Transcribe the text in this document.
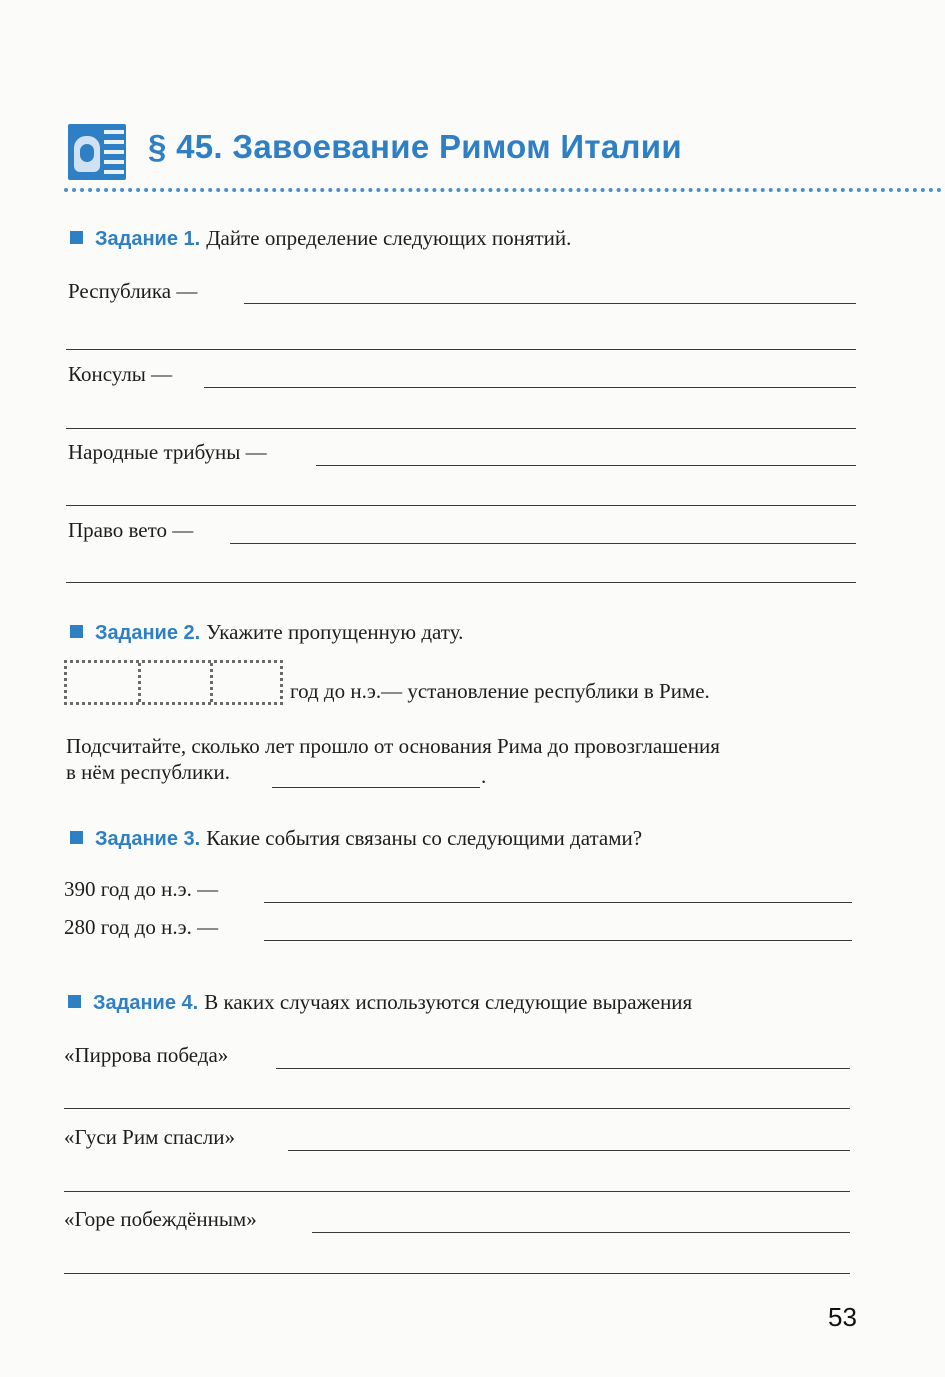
§ 45. Завоевание Римом Италии
Задание 1. Дайте определение следующих понятий.
Республика —
Консулы —
Народные трибуны —
Право вето —
Задание 2. Укажите пропущенную дату.
год до н.э.— установление республики в Риме.
Подсчитайте, сколько лет прошло от основания Рима до провозглашения
в нём республики.	.
Задание 3. Какие события связаны со следующими датами?
390 год до н.э. —
280 год до н.э. —
Задание 4. В каких случаях используются следующие выражения
«Пиррова победа»
«Гуси Рим спасли»
«Горе побеждённым»
53
